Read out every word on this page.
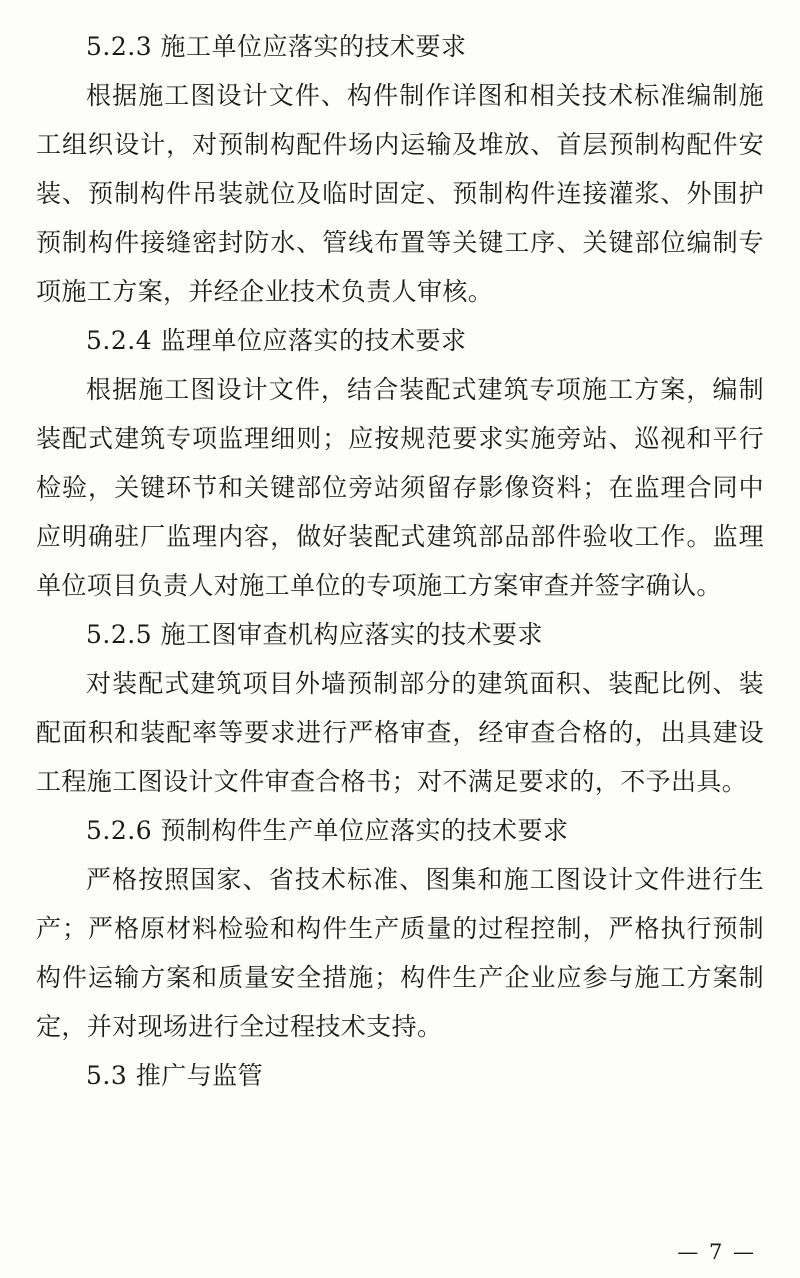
5.2.3 施工单位应落实的技术要求

根据施工图设计文件、构件制作详图和相关技术标准编制施工组织设计，对预制构配件场内运输及堆放、首层预制构配件安装、预制构件吊装就位及临时固定、预制构件连接灌浆、外围护预制构件接缝密封防水、管线布置等关键工序、关键部位编制专项施工方案，并经企业技术负责人审核。

5.2.4 监理单位应落实的技术要求

根据施工图设计文件，结合装配式建筑专项施工方案，编制装配式建筑专项监理细则；应按规范要求实施旁站、巡视和平行检验，关键环节和关键部位旁站须留存影像资料；在监理合同中应明确驻厂监理内容，做好装配式建筑部品部件验收工作。监理单位项目负责人对施工单位的专项施工方案审查并签字确认。

5.2.5 施工图审查机构应落实的技术要求

对装配式建筑项目外墙预制部分的建筑面积、装配比例、装配面积和装配率等要求进行严格审查，经审查合格的，出具建设工程施工图设计文件审查合格书；对不满足要求的，不予出具。

5.2.6 预制构件生产单位应落实的技术要求

严格按照国家、省技术标准、图集和施工图设计文件进行生产；严格原材料检验和构件生产质量的过程控制，严格执行预制构件运输方案和质量安全措施；构件生产企业应参与施工方案制定，并对现场进行全过程技术支持。

5.3 推广与监管

— 7 —
